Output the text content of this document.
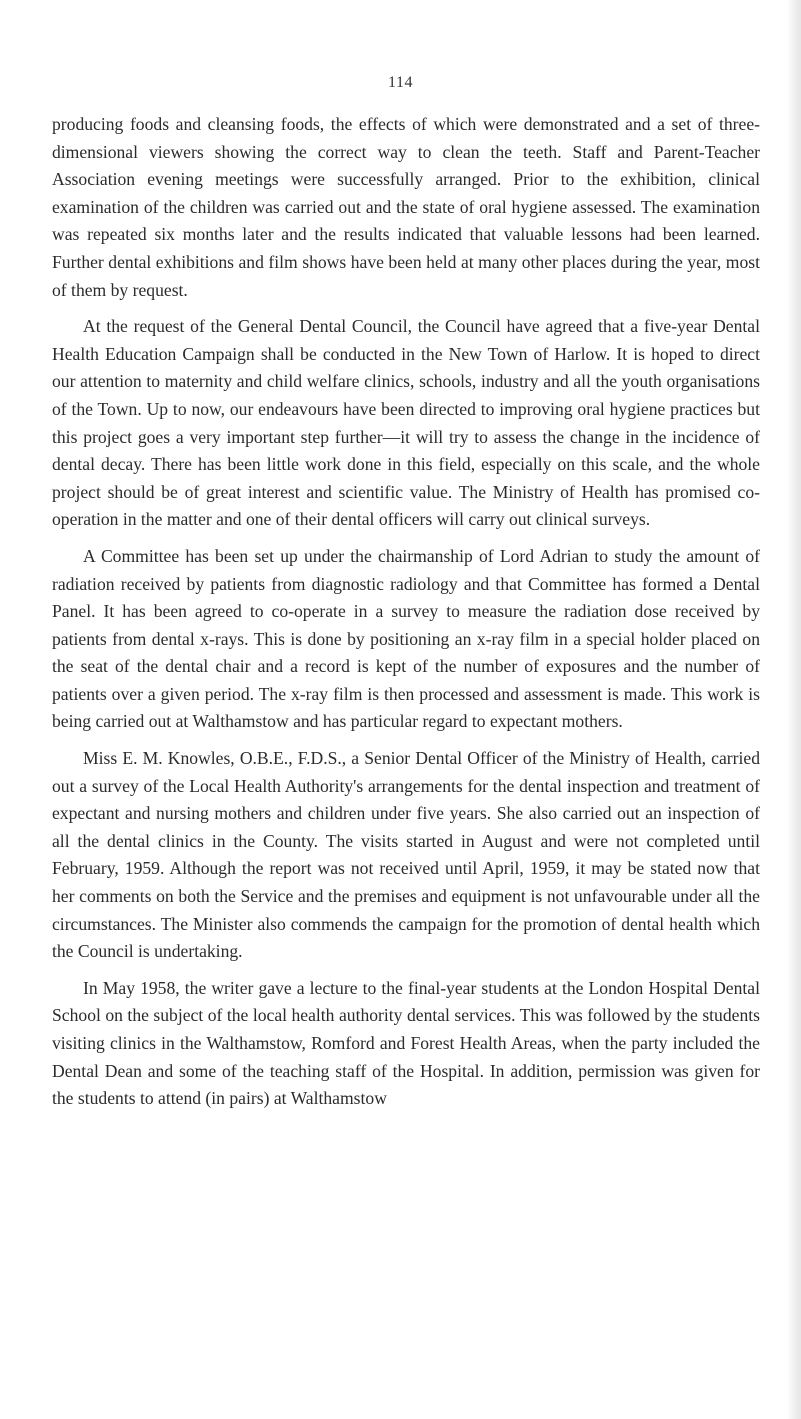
114

producing foods and cleansing foods, the effects of which were demonstrated and a set of three-dimensional viewers showing the correct way to clean the teeth. Staff and Parent-Teacher Association evening meetings were successfully arranged. Prior to the exhibition, clinical examination of the children was carried out and the state of oral hygiene assessed. The examination was repeated six months later and the results indicated that valuable lessons had been learned. Further dental exhibitions and film shows have been held at many other places during the year, most of them by request.

At the request of the General Dental Council, the Council have agreed that a five-year Dental Health Education Campaign shall be conducted in the New Town of Harlow. It is hoped to direct our attention to maternity and child welfare clinics, schools, industry and all the youth organisations of the Town. Up to now, our endeavours have been directed to improving oral hygiene practices but this project goes a very important step further—it will try to assess the change in the incidence of dental decay. There has been little work done in this field, especially on this scale, and the whole project should be of great interest and scientific value. The Ministry of Health has promised co-operation in the matter and one of their dental officers will carry out clinical surveys.

A Committee has been set up under the chairmanship of Lord Adrian to study the amount of radiation received by patients from diagnostic radiology and that Committee has formed a Dental Panel. It has been agreed to co-operate in a survey to measure the radiation dose received by patients from dental x-rays. This is done by positioning an x-ray film in a special holder placed on the seat of the dental chair and a record is kept of the number of exposures and the number of patients over a given period. The x-ray film is then processed and assessment is made. This work is being carried out at Walthamstow and has particular regard to expectant mothers.

Miss E. M. Knowles, O.B.E., F.D.S., a Senior Dental Officer of the Ministry of Health, carried out a survey of the Local Health Authority's arrangements for the dental inspection and treatment of expectant and nursing mothers and children under five years. She also carried out an inspection of all the dental clinics in the County. The visits started in August and were not completed until February, 1959. Although the report was not received until April, 1959, it may be stated now that her comments on both the Service and the premises and equipment is not unfavourable under all the circumstances. The Minister also commends the campaign for the promotion of dental health which the Council is undertaking.

In May 1958, the writer gave a lecture to the final-year students at the London Hospital Dental School on the subject of the local health authority dental services. This was followed by the students visiting clinics in the Walthamstow, Romford and Forest Health Areas, when the party included the Dental Dean and some of the teaching staff of the Hospital. In addition, permission was given for the students to attend (in pairs) at Walthamstow
